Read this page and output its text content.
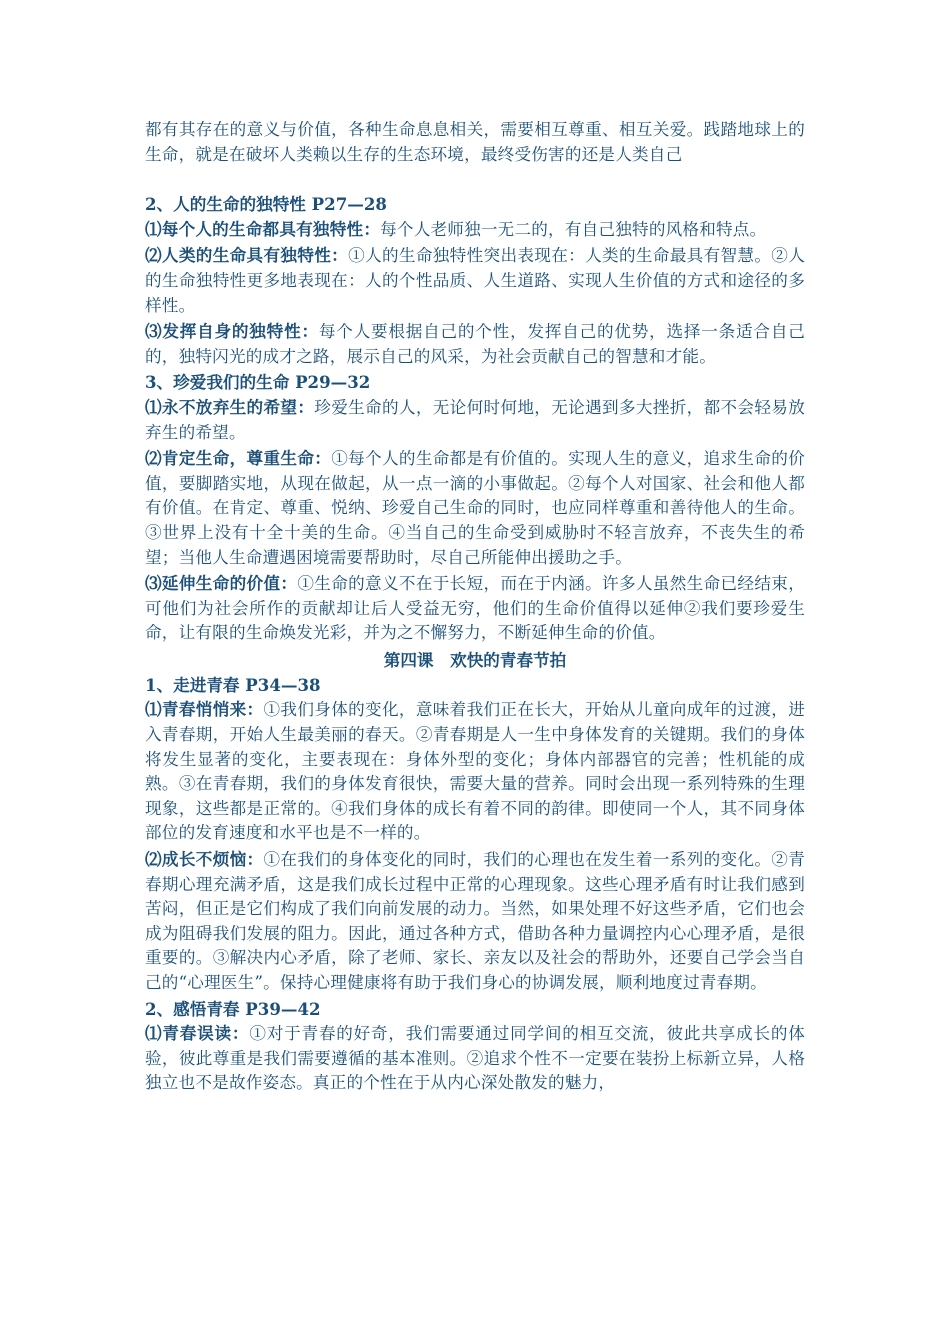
都有其存在的意义与价值，各种生命息息相关，需要相互尊重、相互关爱。践踏地球上的生命，就是在破坏人类赖以生存的生态环境，最终受伤害的还是人类自己

2、人的生命的独特性 P27—28

⑴每个人的生命都具有独特性：每个人老师独一无二的，有自己独特的风格和特点。

⑵人类的生命具有独特性：①人的生命独特性突出表现在：人类的生命最具有智慧。②人的生命独特性更多地表现在：人的个性品质、人生道路、实现人生价值的方式和途径的多样性。

⑶发挥自身的独特性：每个人要根据自己的个性，发挥自己的优势，选择一条适合自己的，独特闪光的成才之路，展示自己的风采，为社会贡献自己的智慧和才能。

3、珍爱我们的生命 P29—32

⑴永不放弃生的希望：珍爱生命的人，无论何时何地，无论遇到多大挫折，都不会轻易放弃生的希望。

⑵肯定生命，尊重生命：①每个人的生命都是有价值的。实现人生的意义，追求生命的价值，要脚踏实地，从现在做起，从一点一滴的小事做起。②每个人对国家、社会和他人都有价值。在肯定、尊重、悦纳、珍爱自己生命的同时，也应同样尊重和善待他人的生命。③世界上没有十全十美的生命。④当自己的生命受到威胁时不轻言放弃，不丧失生的希望；当他人生命遭遇困境需要帮助时，尽自己所能伸出援助之手。

⑶延伸生命的价值：①生命的意义不在于长短，而在于内涵。许多人虽然生命已经结束，可他们为社会所作的贡献却让后人受益无穷，他们的生命价值得以延伸②我们要珍爱生命，让有限的生命焕发光彩，并为之不懈努力，不断延伸生命的价值。

第四课　欢快的青春节拍

1、走进青春 P34—38

⑴青春悄悄来：①我们身体的变化，意味着我们正在长大，开始从儿童向成年的过渡，进入青春期，开始人生最美丽的春天。②青春期是人一生中身体发育的关键期。我们的身体将发生显著的变化，主要表现在：身体外型的变化；身体内部器官的完善；性机能的成熟。③在青春期，我们的身体发育很快，需要大量的营养。同时会出现一系列特殊的生理现象，这些都是正常的。④我们身体的成长有着不同的韵律。即使同一个人，其不同身体部位的发育速度和水平也是不一样的。

⑵成长不烦恼：①在我们的身体变化的同时，我们的心理也在发生着一系列的变化。②青春期心理充满矛盾，这是我们成长过程中正常的心理现象。这些心理矛盾有时让我们感到苦闷，但正是它们构成了我们向前发展的动力。当然，如果处理不好这些矛盾，它们也会成为阻碍我们发展的阻力。因此，通过各种方式，借助各种力量调控内心心理矛盾，是很重要的。③解决内心矛盾，除了老师、家长、亲友以及社会的帮助外，还要自己学会当自己的“心理医生”。保持心理健康将有助于我们身心的协调发展，顺利地度过青春期。

2、感悟青春 P39—42

⑴青春误读：①对于青春的好奇，我们需要通过同学间的相互交流，彼此共享成长的体验，彼此尊重是我们需要遵循的基本准则。②追求个性不一定要在装扮上标新立异，人格独立也不是故作姿态。真正的个性在于从内心深处散发的魅力，
